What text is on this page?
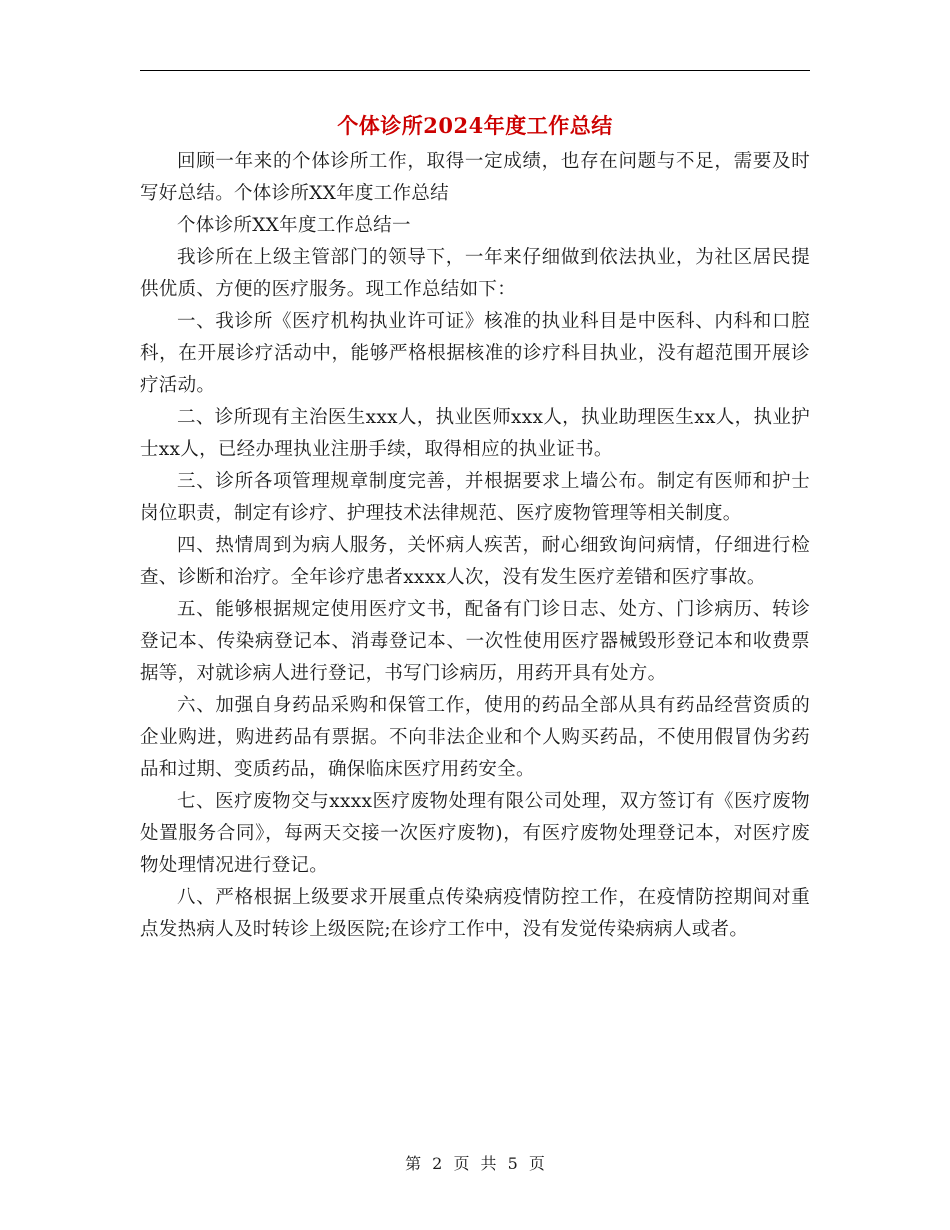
个体诊所2024年度工作总结

回顾一年来的个体诊所工作，取得一定成绩，也存在问题与不足，需要及时写好总结。个体诊所XX年度工作总结

个体诊所XX年度工作总结一

我诊所在上级主管部门的领导下，一年来仔细做到依法执业，为社区居民提供优质、方便的医疗服务。现工作总结如下：

一、我诊所《医疗机构执业许可证》核准的执业科目是中医科、内科和口腔科，在开展诊疗活动中，能够严格根据核准的诊疗科目执业，没有超范围开展诊疗活动。

二、诊所现有主治医生xxx人，执业医师xxx人，执业助理医生xx人，执业护士xx人，已经办理执业注册手续，取得相应的执业证书。

三、诊所各项管理规章制度完善，并根据要求上墙公布。制定有医师和护士岗位职责，制定有诊疗、护理技术法律规范、医疗废物管理等相关制度。

四、热情周到为病人服务，关怀病人疾苦，耐心细致询问病情，仔细进行检查、诊断和治疗。全年诊疗患者xxxx人次，没有发生医疗差错和医疗事故。

五、能够根据规定使用医疗文书，配备有门诊日志、处方、门诊病历、转诊登记本、传染病登记本、消毒登记本、一次性使用医疗器械毁形登记本和收费票据等，对就诊病人进行登记，书写门诊病历，用药开具有处方。

六、加强自身药品采购和保管工作，使用的药品全部从具有药品经营资质的企业购进，购进药品有票据。不向非法企业和个人购买药品，不使用假冒伪劣药品和过期、变质药品，确保临床医疗用药安全。

七、医疗废物交与xxxx医疗废物处理有限公司处理，双方签订有《医疗废物处置服务合同》，每两天交接一次医疗废物)，有医疗废物处理登记本，对医疗废物处理情况进行登记。

八、严格根据上级要求开展重点传染病疫情防控工作，在疫情防控期间对重点发热病人及时转诊上级医院;在诊疗工作中，没有发觉传染病病人或者。

第 2 页 共 5 页
